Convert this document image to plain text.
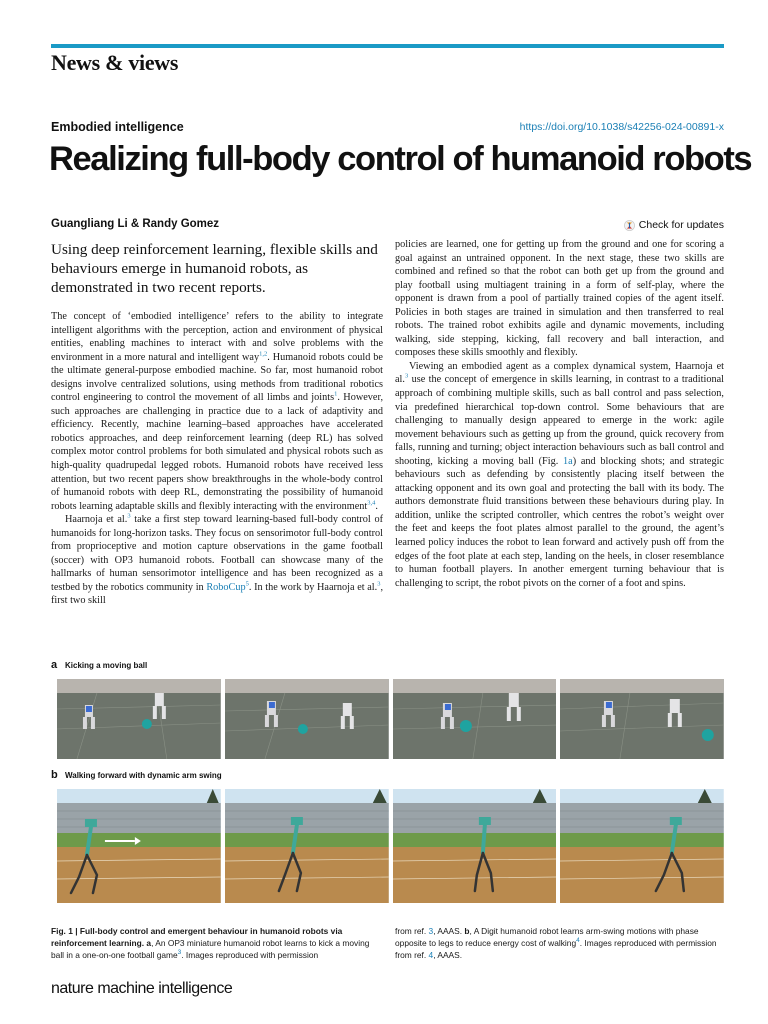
News & views
Embodied intelligence	https://doi.org/10.1038/s42256-024-00891-x
Realizing full-body control of humanoid robots
Guangliang Li & Randy Gomez	Check for updates
Using deep reinforcement learning, flexible skills and behaviours emerge in humanoid robots, as demonstrated in two recent reports.

The concept of ‘embodied intelligence’ refers to the ability to integrate intelligent algorithms with the perception, action and environment of physical entities, enabling machines to interact with and solve problems with the environment in a more natural and intelligent way$^{1,2}$. Humanoid robots could be the ultimate general-purpose embodied machine. So far, most humanoid robot designs involve centralized solutions, using methods from traditional robotics control engineering to control the movement of all limbs and joints$^1$. However, such approaches are challenging in practice due to a lack of adaptivity and efficiency. Recently, machine learning–based approaches have accelerated robotics approaches, and deep reinforcement learning (deep RL) has solved complex motor control problems for both simulated and physical robots such as high-quality quadrupedal legged robots. Humanoid robots have received less attention, but two recent papers show breakthroughs in the whole-body control of humanoid robots with deep RL, demonstrating the possibility of humanoid robots learning adaptable skills and flexibly interacting with the environment$^{3,4}$.

Haarnoja et al.$^3$ take a first step toward learning-based full-body control of humanoids for long-horizon tasks. They focus on sensorimotor full-body control from proprioceptive and motion capture observations in the game football (soccer) with OP3 humanoid robots. Football can showcase many of the hallmarks of human sensorimotor intelligence and has been recognized as a testbed by the robotics community in RoboCup$^5$. In the work by Haarnoja et al.$^3$, first two skill

policies are learned, one for getting up from the ground and one for scoring a goal against an untrained opponent. In the next stage, these two skills are combined and refined so that the robot can both get up from the ground and play football using multiagent training in a form of self-play, where the opponent is drawn from a pool of partially trained copies of the agent itself. Policies in both stages are trained in simulation and then transferred to real robots. The trained robot exhibits agile and dynamic movements, including walking, side stepping, kicking, fall recovery and ball interaction, and composes these skills smoothly and flexibly.

Viewing an embodied agent as a complex dynamical system, Haarnoja et al.$^3$ use the concept of emergence in skills learning, in contrast to a traditional approach of combining multiple skills, such as ball control and pass selection, via predefined hierarchical top-down control. Some behaviours that are challenging to manually design appeared to emerge in the work: agile movement behaviours such as getting up from the ground, quick recovery from falls, running and turning; object interaction behaviours such as ball control and shooting, kicking a moving ball (Fig. 1a) and blocking shots; and strategic behaviours such as defending by consistently placing itself between the attacking opponent and its own goal and protecting the ball with its body. The authors demonstrate fluid transitions between these behaviours during play. In addition, unlike the scripted controller, which centres the robot’s weight over the feet and keeps the foot plates almost parallel to the ground, the agent’s learned policy induces the robot to lean forward and actively push off from the edges of the foot plate at each step, landing on the heels, in closer resemblance to human football players. In another emergent turning behaviour that is challenging to script, the robot pivots on the corner of a foot and spins.

a Kicking a moving ball
b Walking forward with dynamic arm swing
Fig. 1 | Full-body control and emergent behaviour in humanoid robots via reinforcement learning. a, An OP3 miniature humanoid robot learns to kick a moving ball in a one-on-one football game$^3$. Images reproduced with permission
from ref. 3, AAAS. b, A Digit humanoid robot learns arm-swing motions with phase opposite to legs to reduce energy cost of walking$^4$. Images reproduced with permission from ref. 4, AAAS.
nature machine intelligence
